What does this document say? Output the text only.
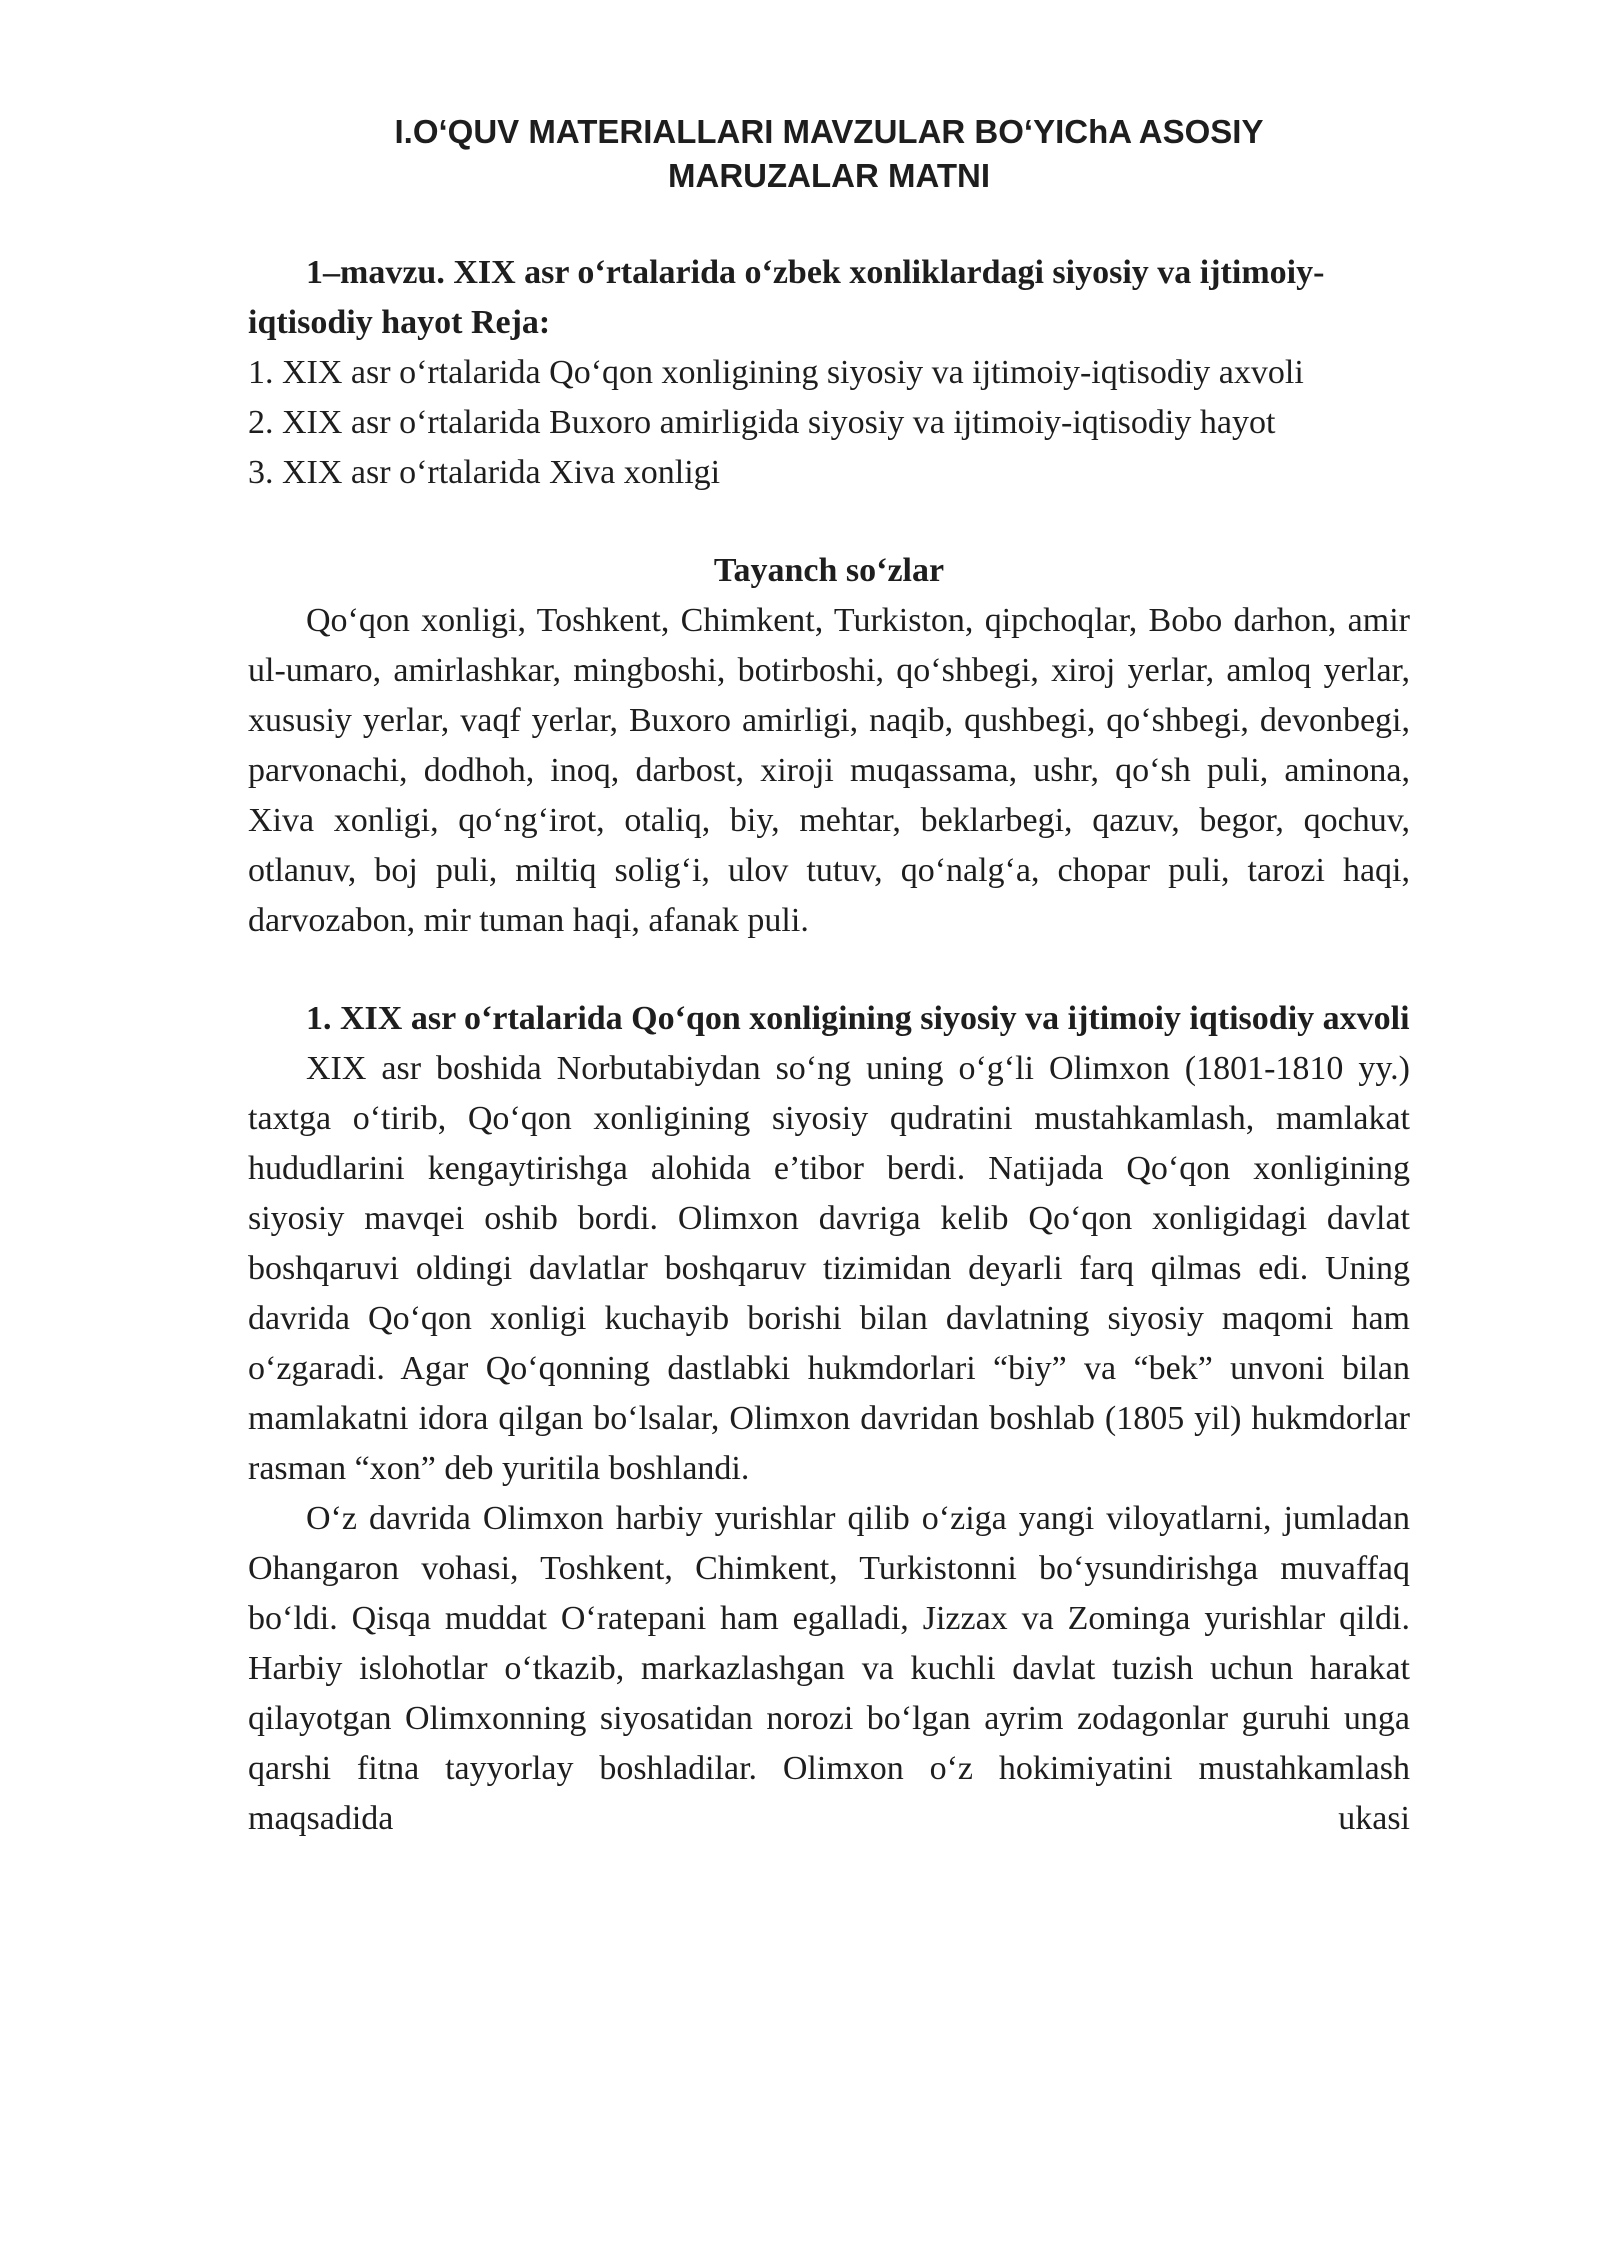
I.O‘QUV MATERIALLARI MAVZULAR BO‘YIChA ASOSIY
MARUZALAR MATNI
1–mavzu. XIX asr o‘rtalarida o‘zbek xonliklardagi siyosiy va ijtimoiy-iqtisodiy hayot Reja:
1. XIX asr o‘rtalarida Qo‘qon xonligining siyosiy va ijtimoiy-iqtisodiy axvoli
2. XIX asr o‘rtalarida Buxoro amirligida siyosiy va ijtimoiy-iqtisodiy hayot
3. XIX asr o‘rtalarida Xiva xonligi
Tayanch so‘zlar

Qo‘qon xonligi, Toshkent, Chimkent, Turkiston, qipchoqlar, Bobo darhon, amir ul-umaro, amirlashkar, mingboshi, botirboshi, qo‘shbegi, xiroj yerlar, amloq yerlar, xususiy yerlar, vaqf yerlar, Buxoro amirligi, naqib, qushbegi, qo‘shbegi, devonbegi, parvonachi, dodhoh, inoq, darbost, xiroji muqassama, ushr, qo‘sh puli, aminona, Xiva xonligi, qo‘ng‘irot, otaliq, biy, mehtar, beklarbegi, qazuv, begor, qochuv, otlanuv, boj puli, miltiq solig‘i, ulov tutuv, qo‘nalg‘a, chopar puli, tarozi haqi, darvozabon, mir tuman haqi, afanak puli.

1. XIX asr o‘rtalarida Qo‘qon xonligining siyosiy va ijtimoiy iqtisodiy axvoli

XIX asr boshida Norbutabiydan so‘ng uning o‘g‘li Olimxon (1801-1810 yy.) taxtga o‘tirib, Qo‘qon xonligining siyosiy qudratini mustahkamlash, mamlakat hududlarini kengaytirishga alohida e’tibor berdi. Natijada Qo‘qon xonligining siyosiy mavqei oshib bordi. Olimxon davriga kelib Qo‘qon xonligidagi davlat boshqaruvi oldingi davlatlar boshqaruv tizimidan deyarli farq qilmas edi. Uning davrida Qo‘qon xonligi kuchayib borishi bilan davlatning siyosiy maqomi ham o‘zgaradi. Agar Qo‘qonning dastlabki hukmdorlari “biy” va “bek” unvoni bilan mamlakatni idora qilgan bo‘lsalar, Olimxon davridan boshlab (1805 yil) hukmdorlar rasman “xon” deb yuritila boshlandi.

O‘z davrida Olimxon harbiy yurishlar qilib o‘ziga yangi viloyatlarni, jumladan Ohangaron vohasi, Toshkent, Chimkent, Turkistonni bo‘ysundirishga muvaffaq bo‘ldi. Qisqa muddat O‘ratepani ham egalladi, Jizzax va Zominga yurishlar qildi. Harbiy islohotlar o‘tkazib, markazlashgan va kuchli davlat tuzish uchun harakat qilayotgan Olimxonning siyosatidan norozi bo‘lgan ayrim zodagonlar guruhi unga qarshi fitna tayyorlay boshladilar. Olimxon o‘z hokimiyatini mustahkamlash maqsadida ukasi
